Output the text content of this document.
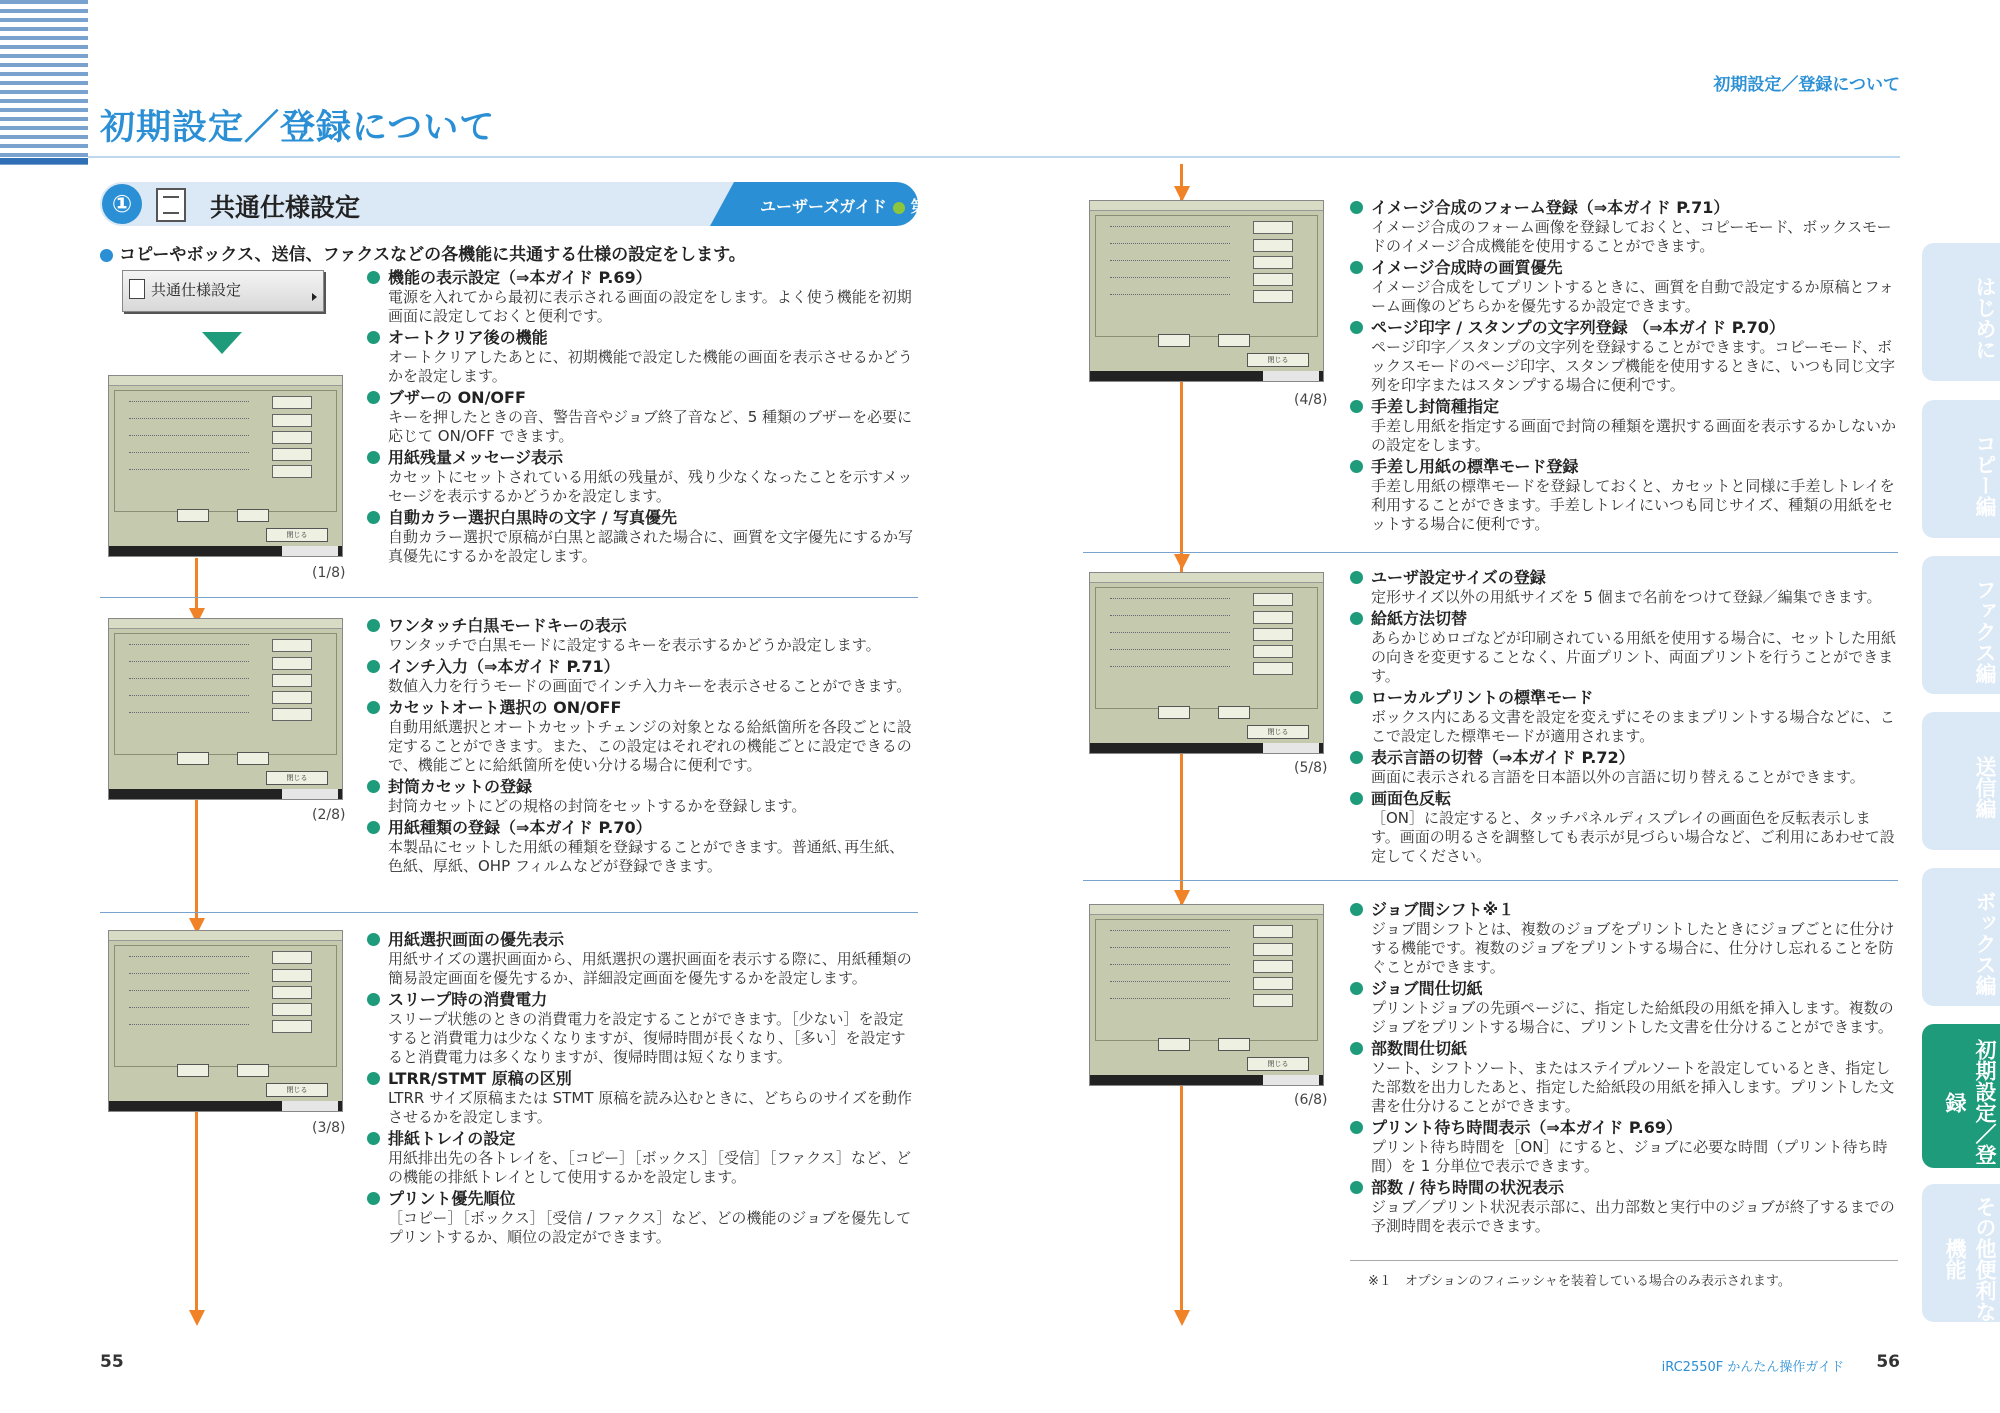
初期設定／登録について
初期設定／登録について
①	共通仕様設定	ユーザーズガイド 第４章
コピーやボックス、送信、ファクスなどの各機能に共通する仕様の設定をします。
共通仕様設定
閉じる
(1/8)
閉じる
(2/8)
閉じる
(3/8)
閉じる
(4/8)
閉じる
(5/8)
閉じる
(6/8)
機能の表示設定（⇒本ガイド P.69）
電源を入れてから最初に表示される画面の設定をします。よく使う機能を初期画面に設定しておくと便利です。
オートクリア後の機能
オートクリアしたあとに、初期機能で設定した機能の画面を表示させるかどうかを設定します。
ブザーの ON/OFF
キーを押したときの音、警告音やジョブ終了音など、5 種類のブザーを必要に応じて ON/OFF できます。
用紙残量メッセージ表示
カセットにセットされている用紙の残量が、残り少なくなったことを示すメッセージを表示するかどうかを設定します。
自動カラー選択白黒時の文字 / 写真優先
自動カラー選択で原稿が白黒と認識された場合に、画質を文字優先にするか写真優先にするかを設定します。
ワンタッチ白黒モードキーの表示
ワンタッチで白黒モードに設定するキーを表示するかどうか設定します。
インチ入力（⇒本ガイド P.71）
数値入力を行うモードの画面でインチ入力キーを表示させることができます。
カセットオート選択の ON/OFF
自動用紙選択とオートカセットチェンジの対象となる給紙箇所を各段ごとに設定することができます。また、この設定はそれぞれの機能ごとに設定できるので、機能ごとに給紙箇所を使い分ける場合に便利です。
封筒カセットの登録
封筒カセットにどの規格の封筒をセットするかを登録します。
用紙種類の登録（⇒本ガイド P.70）
本製品にセットした用紙の種類を登録することができます。普通紙､再生紙、色紙、厚紙、OHP フィルムなどが登録できます。
用紙選択画面の優先表示
用紙サイズの選択画面から、用紙選択の選択画面を表示する際に、用紙種類の簡易設定画面を優先するか、詳細設定画面を優先するかを設定します。
スリープ時の消費電力
スリープ状態のときの消費電力を設定することができます。［少ない］を設定すると消費電力は少なくなりますが、復帰時間が長くなり、［多い］を設定すると消費電力は多くなりますが、復帰時間は短くなります。
LTRR/STMT 原稿の区別
LTRR サイズ原稿または STMT 原稿を読み込むときに、どちらのサイズを動作させるかを設定します。
排紙トレイの設定
用紙排出先の各トレイを、［コピー］［ボックス］［受信］［ファクス］など、どの機能の排紙トレイとして使用するかを設定します。
プリント優先順位
［コピー］［ボックス］［受信 / ファクス］など、どの機能のジョブを優先してプリントするか、順位の設定ができます。
イメージ合成のフォーム登録（⇒本ガイド P.71）
イメージ合成のフォーム画像を登録しておくと、コピーモード、ボックスモードのイメージ合成機能を使用することができます。
イメージ合成時の画質優先
イメージ合成をしてプリントするときに、画質を自動で設定するか原稿とフォーム画像のどちらかを優先するか設定できます。
ページ印字 / スタンプの文字列登録 （⇒本ガイド P.70）
ページ印字／スタンプの文字列を登録することができます。コピーモード、ボックスモードのページ印字、スタンプ機能を使用するときに、いつも同じ文字列を印字またはスタンプする場合に便利です。
手差し封筒種指定
手差し用紙を指定する画面で封筒の種類を選択する画面を表示するかしないかの設定をします。
手差し用紙の標準モード登録
手差し用紙の標準モードを登録しておくと、カセットと同様に手差しトレイを利用することができます。手差しトレイにいつも同じサイズ、種類の用紙をセットする場合に便利です。
ユーザ設定サイズの登録
定形サイズ以外の用紙サイズを 5 個まで名前をつけて登録／編集できます。
給紙方法切替
あらかじめロゴなどが印刷されている用紙を使用する場合に、セットした用紙の向きを変更することなく、片面プリント、両面プリントを行うことができます。
ローカルプリントの標準モード
ボックス内にある文書を設定を変えずにそのままプリントする場合などに、ここで設定した標準モードが適用されます。
表示言語の切替（⇒本ガイド P.72）
画面に表示される言語を日本語以外の言語に切り替えることができます。
画面色反転
［ON］に設定すると、タッチパネルディスプレイの画面色を反転表示します。画面の明るさを調整しても表示が見づらい場合など、ご利用にあわせて設定してください。
ジョブ間シフト※１
ジョブ間シフトとは、複数のジョブをプリントしたときにジョブごとに仕分けする機能です。複数のジョブをプリントする場合に、仕分けし忘れることを防ぐことができます。
ジョブ間仕切紙
プリントジョブの先頭ページに、指定した給紙段の用紙を挿入します。複数のジョブをプリントする場合に、プリントした文書を仕分けることができます。
部数間仕切紙
ソート、シフトソート、またはステイプルソートを設定しているとき、指定した部数を出力したあと、指定した給紙段の用紙を挿入します。プリントした文書を仕分けることができます。
プリント待ち時間表示（⇒本ガイド P.69）
プリント待ち時間を［ON］にすると、ジョブに必要な時間（プリント待ち時間）を 1 分単位で表示できます。
部数 / 待ち時間の状況表示
ジョブ／プリント状況表示部に、出力部数と実行中のジョブが終了するまでの予測時間を表示できます。
※１　オプションのフィニッシャを装着している場合のみ表示されます。
55	iRC2550F かんたん操作ガイド 56
はじめに
コピー編
ファクス編
送信編
ボックス編
初期設定／登録
その他便利な機能
